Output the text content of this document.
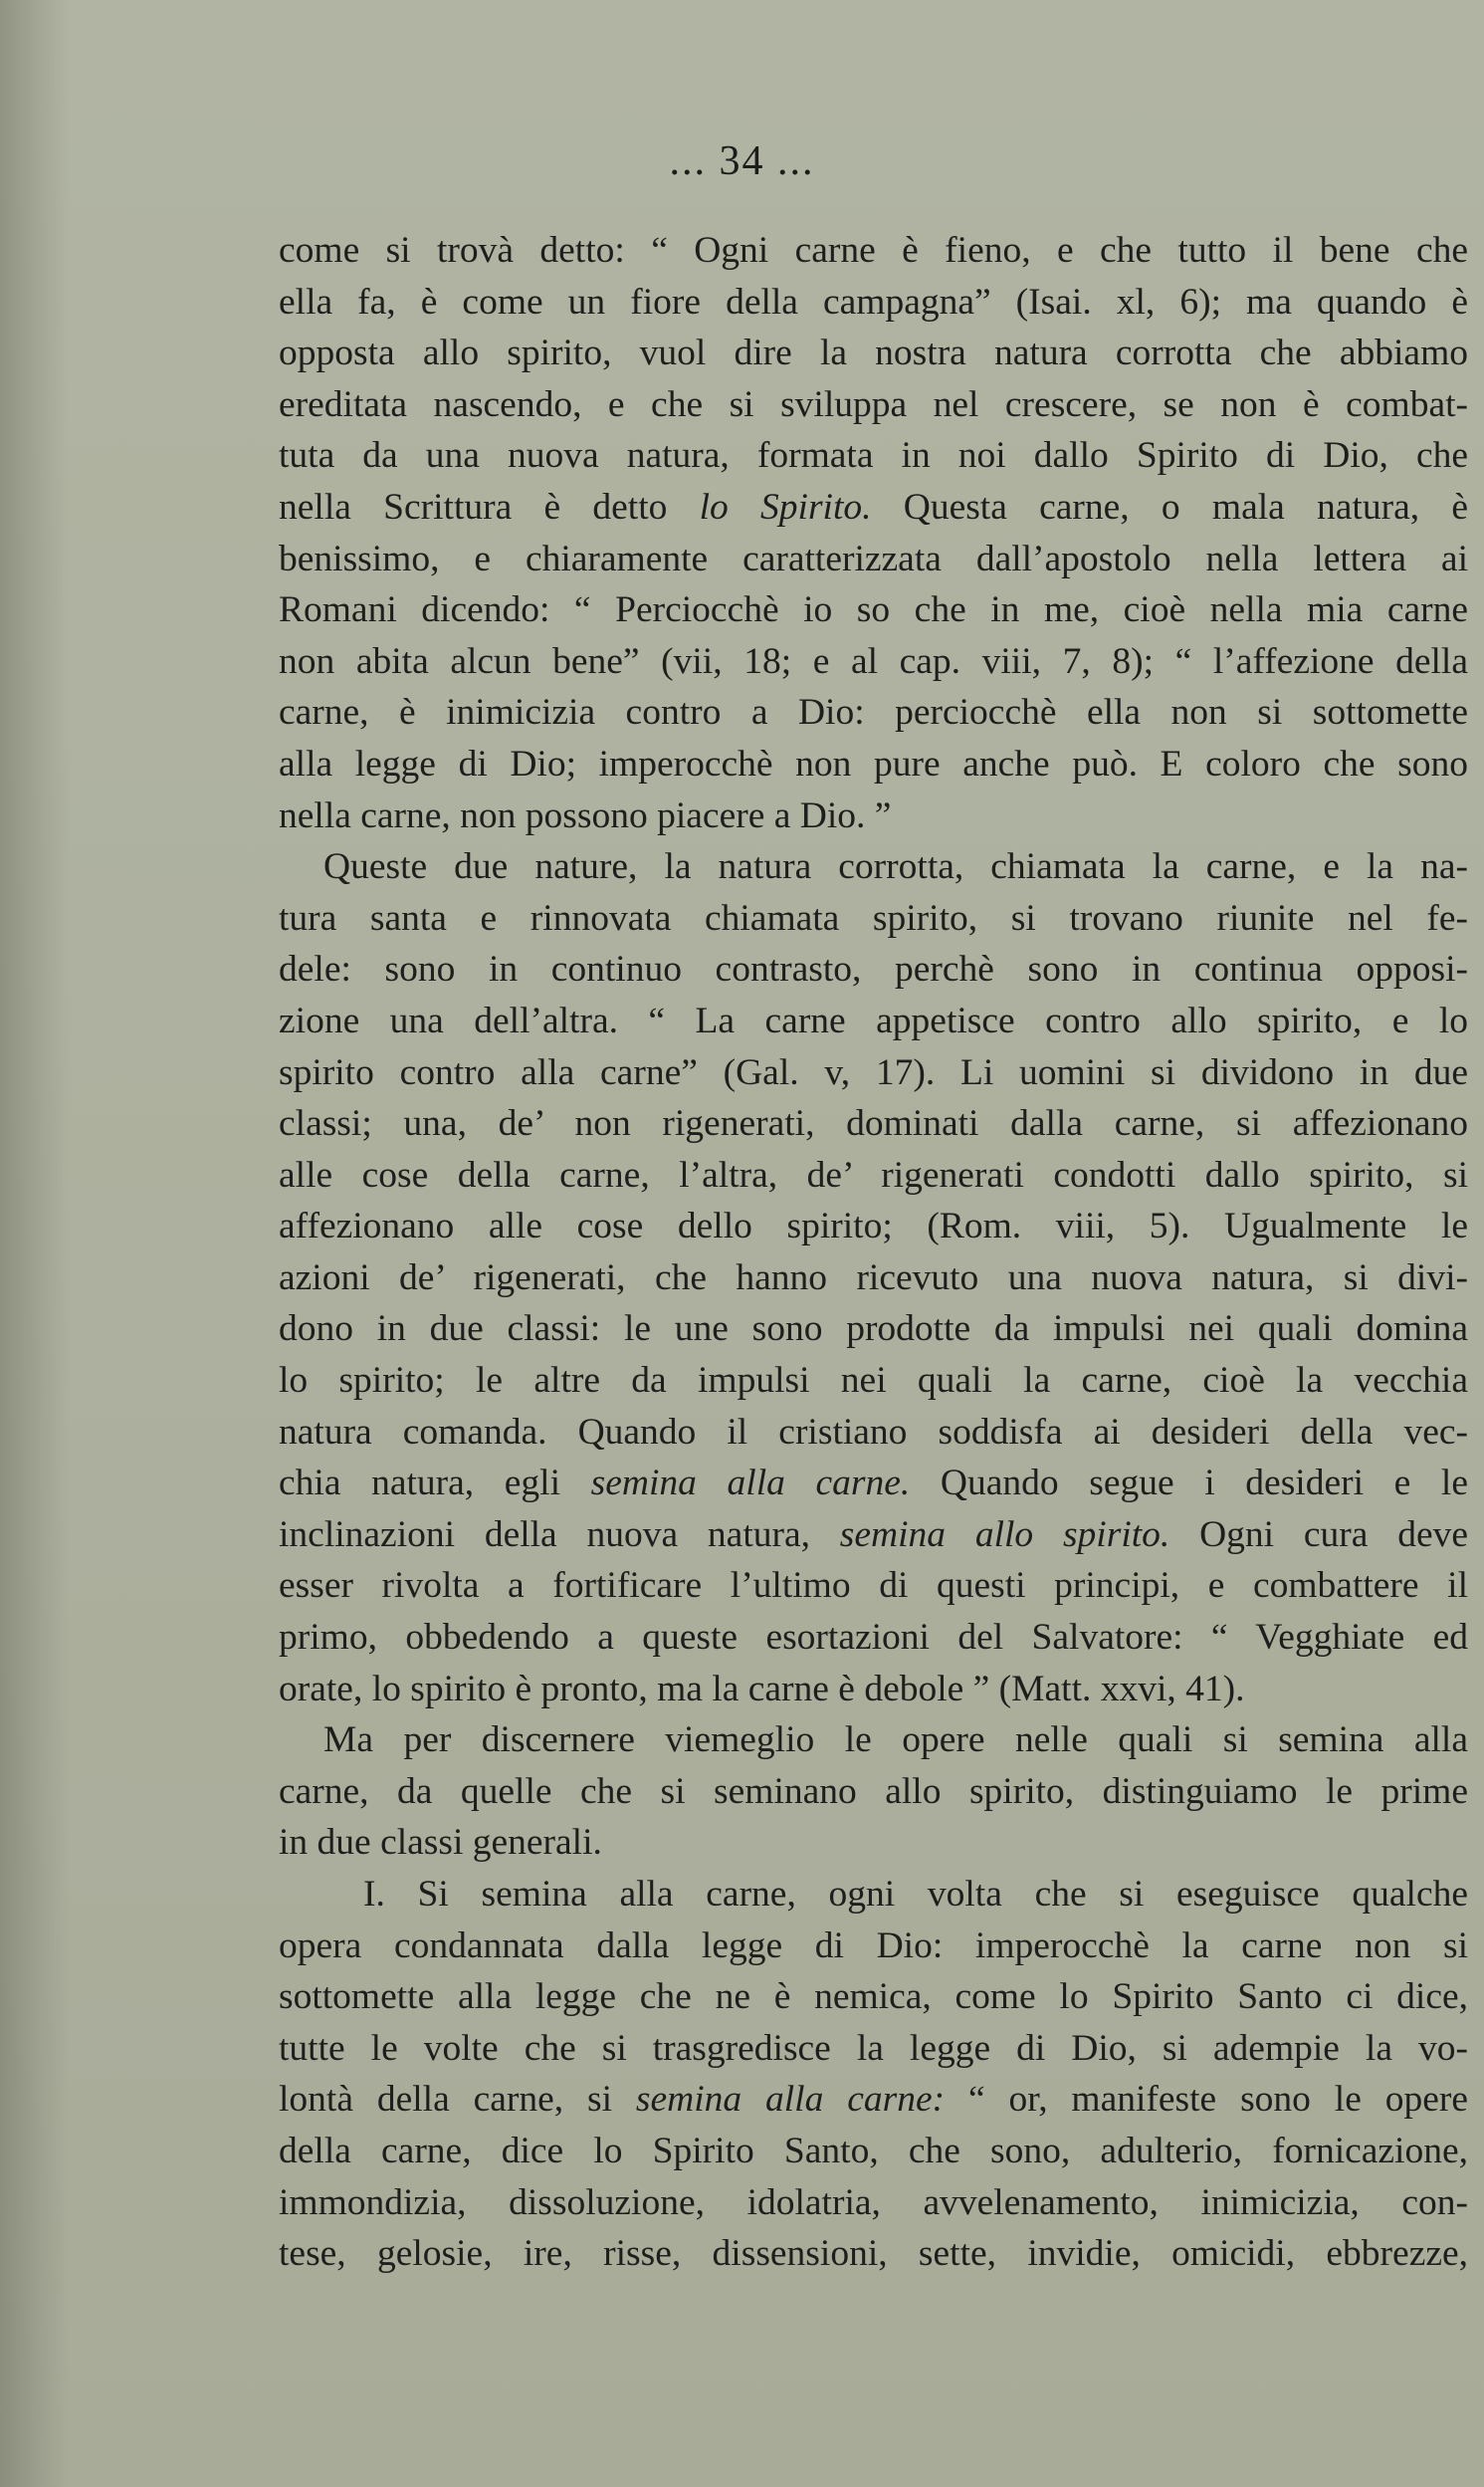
... 34 ...
come si trovà detto: “ Ogni carne è fieno, e che tutto il bene che
ella fa, è come un fiore della campagna” (Isai. xl, 6); ma quando è
opposta allo spirito, vuol dire la nostra natura corrotta che abbiamo
ereditata nascendo, e che si sviluppa nel crescere, se non è combat-
tuta da una nuova natura, formata in noi dallo Spirito di Dio, che
nella Scrittura è detto lo Spirito. Questa carne, o mala natura, è
benissimo, e chiaramente caratterizzata dall’apostolo nella lettera ai
Romani dicendo: “ Perciocchè io so che in me, cioè nella mia carne
non abita alcun bene” (vii, 18; e al cap. viii, 7, 8); “ l’affezione della
carne, è inimicizia contro a Dio: perciocchè ella non si sottomette
alla legge di Dio; imperocchè non pure anche può. E coloro che sono
nella carne, non possono piacere a Dio. ”
Queste due nature, la natura corrotta, chiamata la carne, e la na-
tura santa e rinnovata chiamata spirito, si trovano riunite nel fe-
dele: sono in continuo contrasto, perchè sono in continua opposi-
zione una dell’altra. “ La carne appetisce contro allo spirito, e lo
spirito contro alla carne” (Gal. v, 17). Li uomini si dividono in due
classi; una, de’ non rigenerati, dominati dalla carne, si affezionano
alle cose della carne, l’altra, de’ rigenerati condotti dallo spirito, si
affezionano alle cose dello spirito; (Rom. viii, 5). Ugualmente le
azioni de’ rigenerati, che hanno ricevuto una nuova natura, si divi-
dono in due classi: le une sono prodotte da impulsi nei quali domina
lo spirito; le altre da impulsi nei quali la carne, cioè la vecchia
natura comanda. Quando il cristiano soddisfa ai desideri della vec-
chia natura, egli semina alla carne. Quando segue i desideri e le
inclinazioni della nuova natura, semina allo spirito. Ogni cura deve
esser rivolta a fortificare l’ultimo di questi principi, e combattere il
primo, obbedendo a queste esortazioni del Salvatore: “ Vegghiate ed
orate, lo spirito è pronto, ma la carne è debole ” (Matt. xxvi, 41).
Ma per discernere viemeglio le opere nelle quali si semina alla
carne, da quelle che si seminano allo spirito, distinguiamo le prime
in due classi generali.
I. Si semina alla carne, ogni volta che si eseguisce qualche
opera condannata dalla legge di Dio: imperocchè la carne non si
sottomette alla legge che ne è nemica, come lo Spirito Santo ci dice,
tutte le volte che si trasgredisce la legge di Dio, si adempie la vo-
lontà della carne, si semina alla carne: “ or, manifeste sono le opere
della carne, dice lo Spirito Santo, che sono, adulterio, fornicazione,
immondizia, dissoluzione, idolatria, avvelenamento, inimicizia, con-
tese, gelosie, ire, risse, dissensioni, sette, invidie, omicidi, ebbrezze,
